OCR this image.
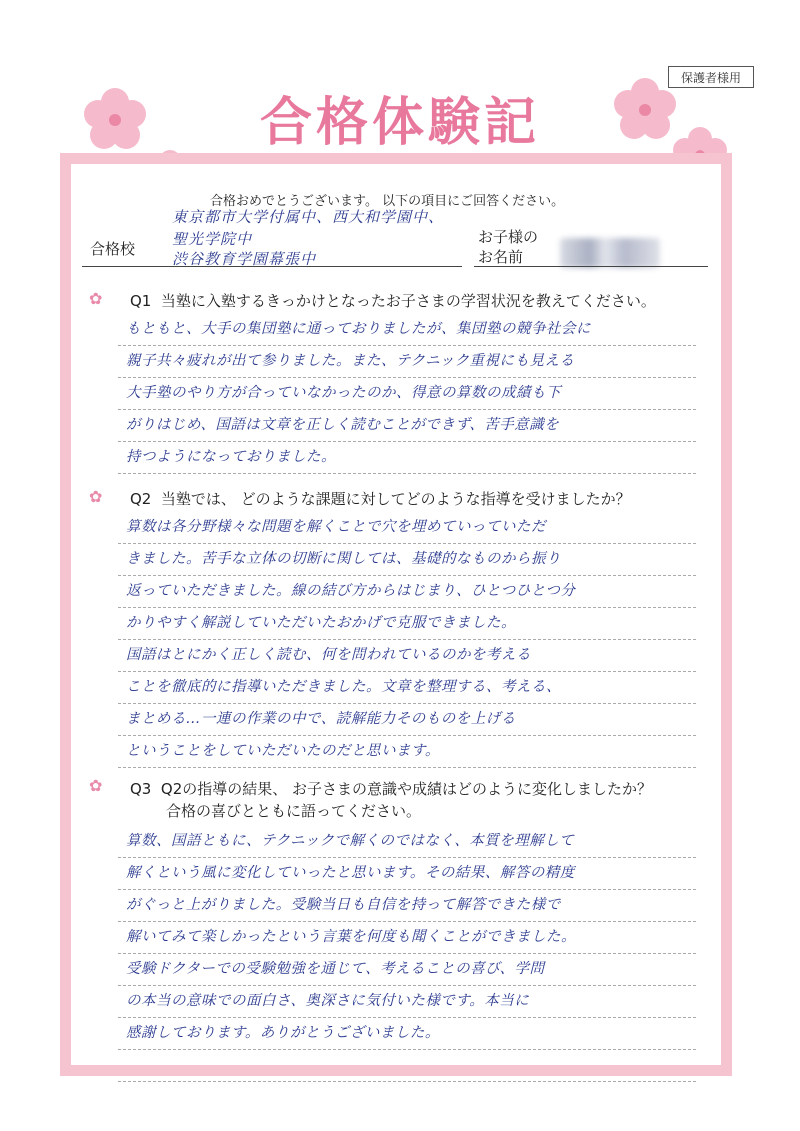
保護者様用
合格体験記
合格おめでとうございます。 以下の項目にご回答ください。
合格校
東京都市大学付属中、西大和学園中、
聖光学院中
渋谷教育学園幕張中
お子様の
お名前
✿ Q1 当塾に入塾するきっかけとなったお子さまの学習状況を教えてください。
もともと、大手の集団塾に通っておりましたが、集団塾の競争社会に
親子共々疲れが出て参りました。また、テクニック重視にも見える
大手塾のやり方が合っていなかったのか、得意の算数の成績も下
がりはじめ、国語は文章を正しく読むことができず、苦手意識を
持つようになっておりました。
✿ Q2 当塾では、 どのような課題に対してどのような指導を受けましたか？
算数は各分野様々な問題を解くことで穴を埋めていっていただ
きました。苦手な立体の切断に関しては、基礎的なものから振り
返っていただきました。線の結び方からはじまり、ひとつひとつ分
かりやすく解説していただいたおかげで克服できました。
国語はとにかく正しく読む、何を問われているのかを考える
ことを徹底的に指導いただきました。文章を整理する、考える、
まとめる…一連の作業の中で、読解能力そのものを上げる
ということをしていただいたのだと思います。
✿ Q3 Q2の指導の結果、 お子さまの意識や成績はどのように変化しましたか？
合格の喜びとともに語ってください。
算数、国語ともに、テクニックで解くのではなく、本質を理解して
解くという風に変化していったと思います。その結果、解答の精度
がぐっと上がりました。受験当日も自信を持って解答できた様で
解いてみて楽しかったという言葉を何度も聞くことができました。
受験ドクターでの受験勉強を通じて、考えることの喜び、学問
の本当の意味での面白さ、奥深さに気付いた様です。本当に
感謝しております。ありがとうございました。
